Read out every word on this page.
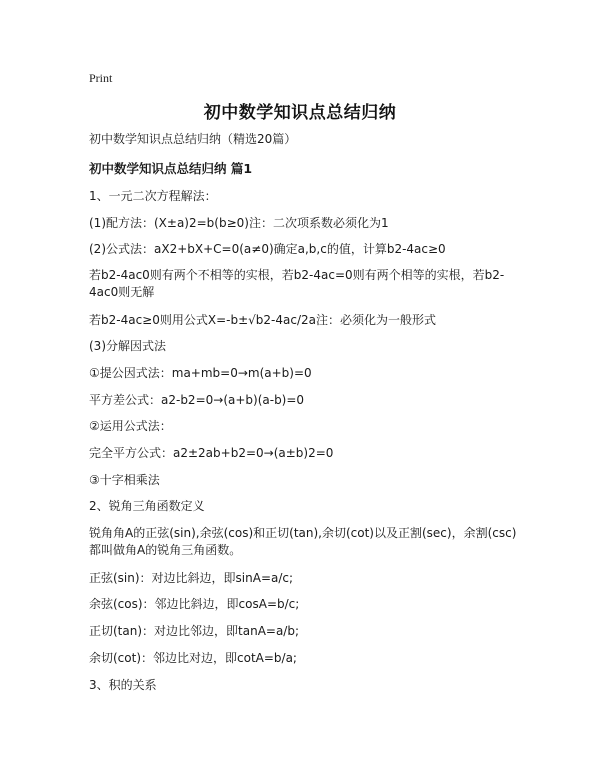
Print
初中数学知识点总结归纳
初中数学知识点总结归纳（精选20篇）
初中数学知识点总结归纳 篇1
1、一元二次方程解法：
(1)配方法：(X±a)2=b(b≥0)注：二次项系数必须化为1
(2)公式法：aX2+bX+C=0(a≠0)确定a,b,c的值，计算b2-4ac≥0
若b2-4ac0则有两个不相等的实根，若b2-4ac=0则有两个相等的实根，若b2-4ac0则无解
若b2-4ac≥0则用公式X=-b±√b2-4ac/2a注：必须化为一般形式
(3)分解因式法
①提公因式法：ma+mb=0→m(a+b)=0
平方差公式：a2-b2=0→(a+b)(a-b)=0
②运用公式法：
完全平方公式：a2±2ab+b2=0→(a±b)2=0
③十字相乘法
2、锐角三角函数定义
锐角角A的正弦(sin),余弦(cos)和正切(tan),余切(cot)以及正割(sec)，余割(csc)都叫做角A的锐角三角函数。
正弦(sin)：对边比斜边，即sinA=a/c;
余弦(cos)：邻边比斜边，即cosA=b/c;
正切(tan)：对边比邻边，即tanA=a/b;
余切(cot)：邻边比对边，即cotA=b/a;
3、积的关系
